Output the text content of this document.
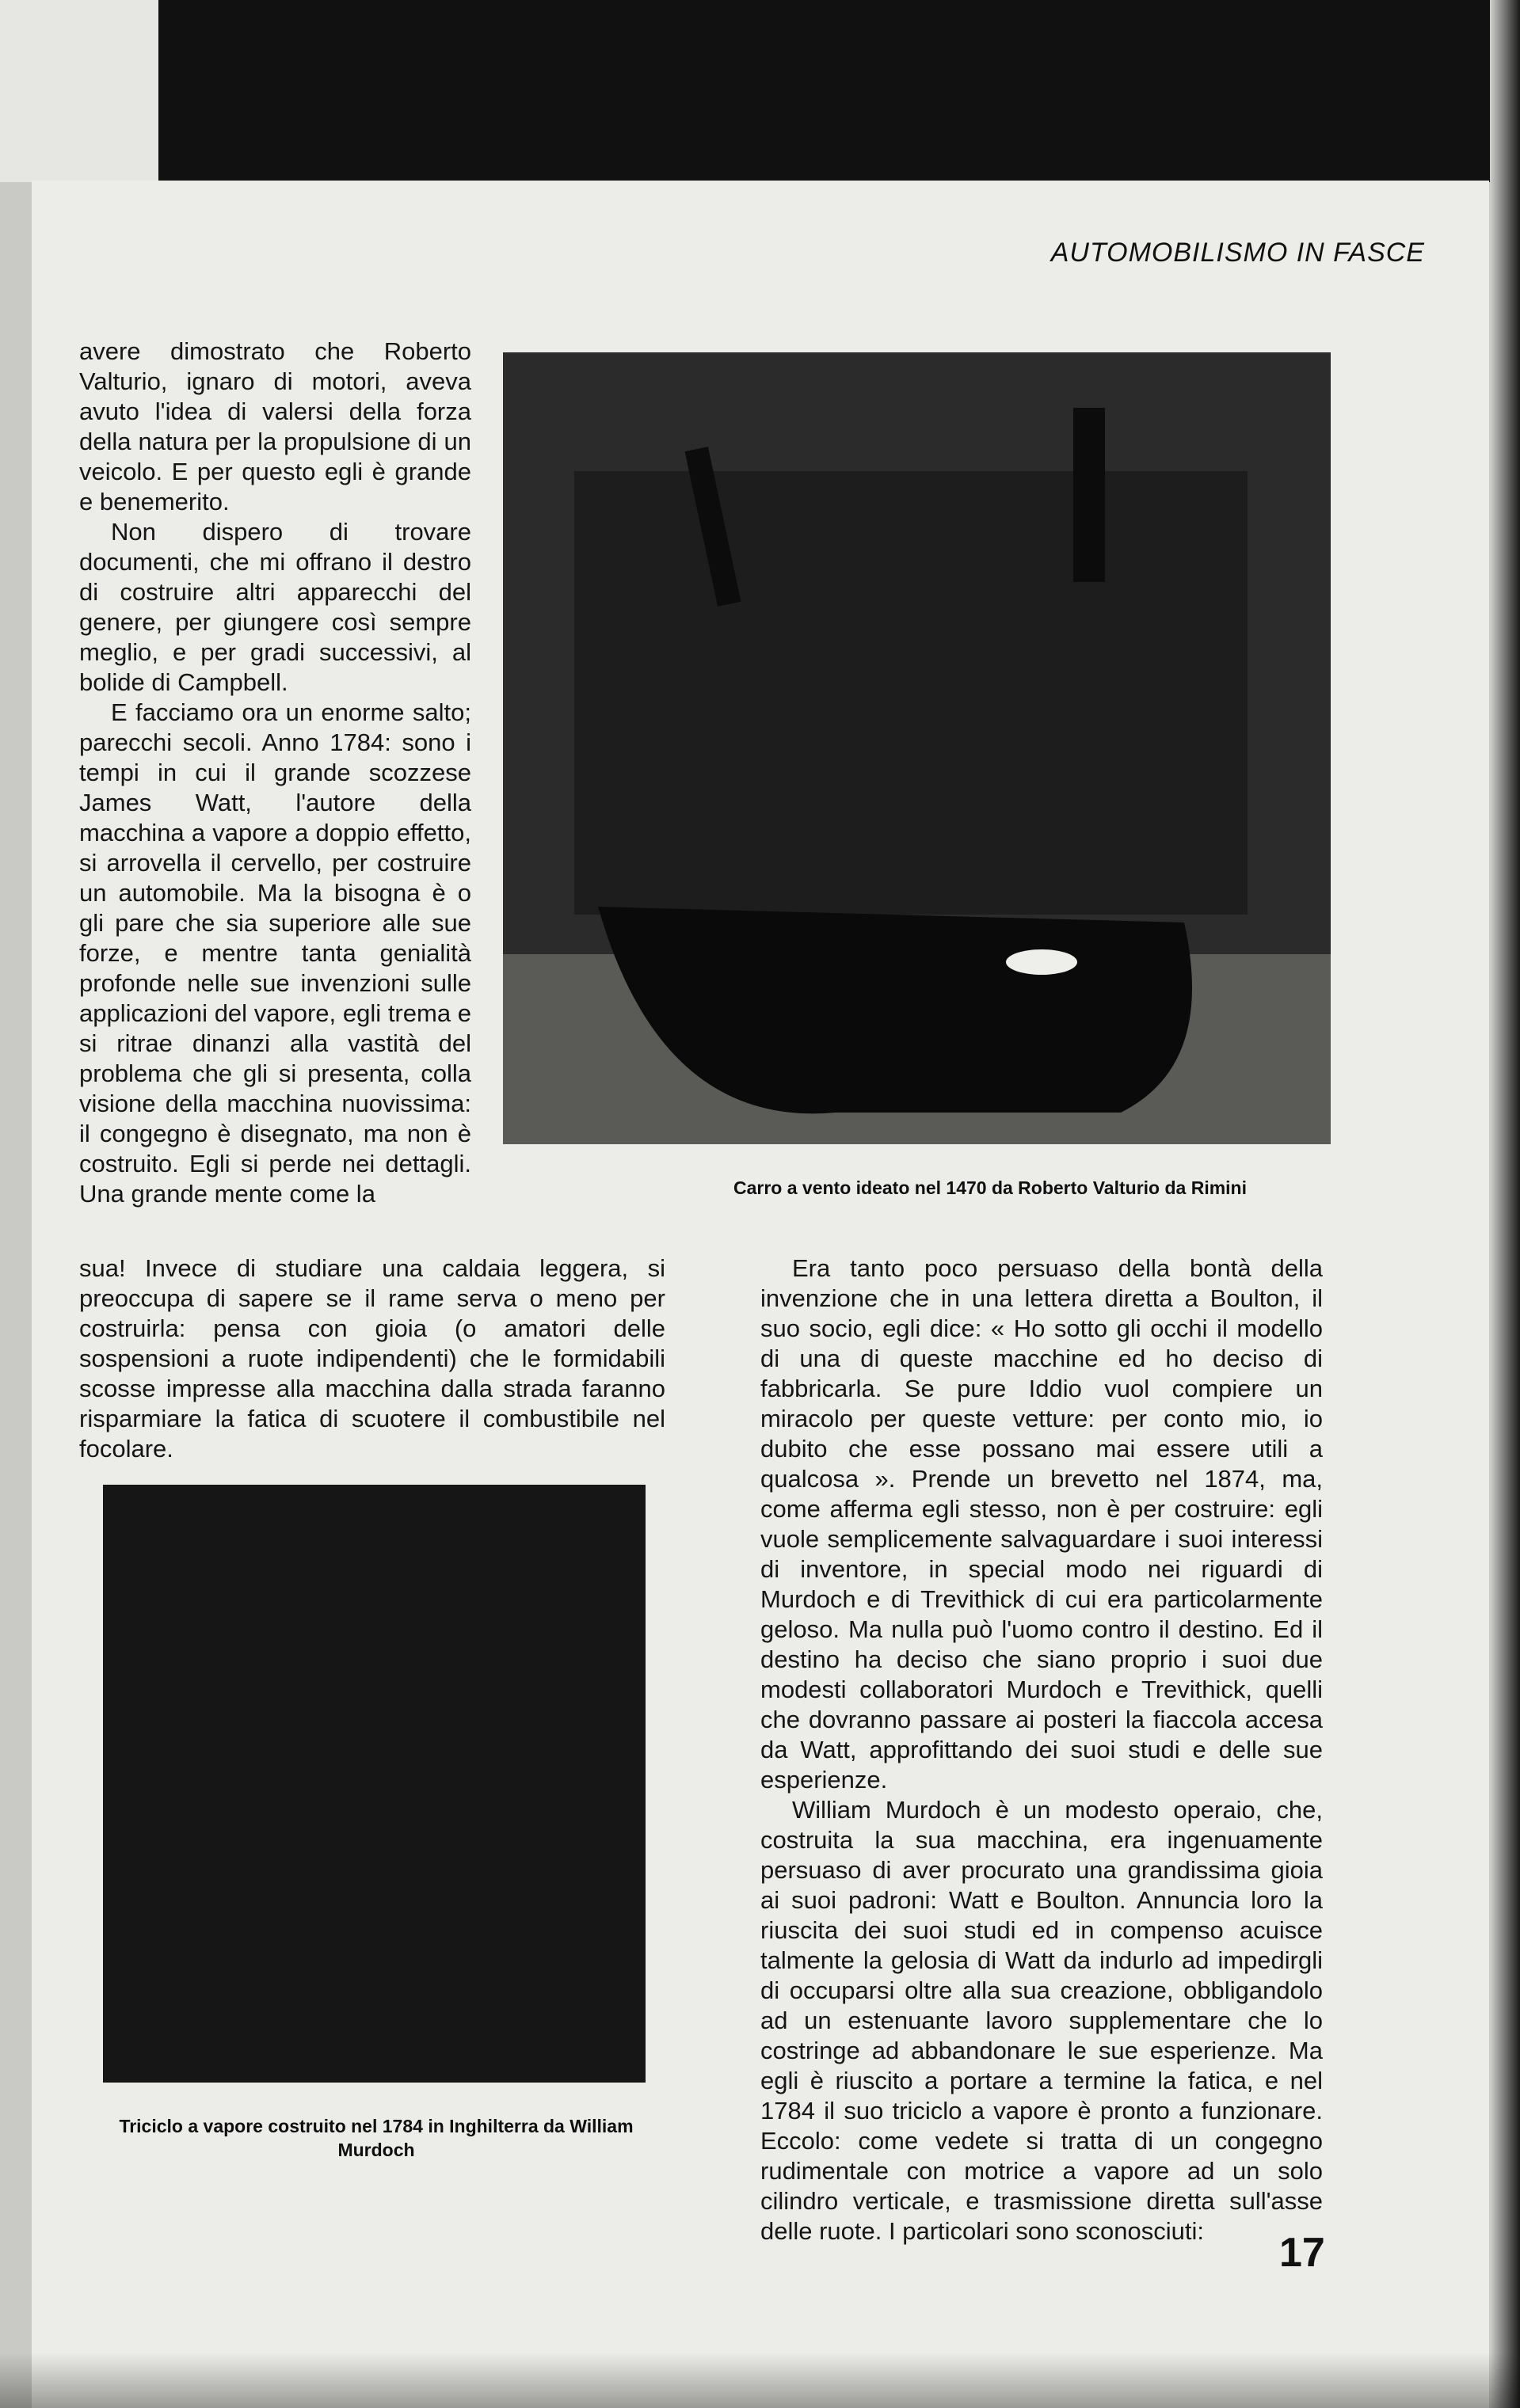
AUTOMOBILISMO IN FASCE

avere dimostrato che Roberto Valturio, ignaro di motori, aveva avuto l'idea di valersi della forza della natura per la propulsione di un veicolo. E per questo egli è grande e benemerito.

Non dispero di trovare documenti, che mi offrano il destro di costruire altri apparecchi del genere, per giungere così sempre meglio, e per gradi successivi, al bolide di Campbell.

E facciamo ora un enorme salto; parecchi secoli. Anno 1784: sono i tempi in cui il grande scozzese James Watt, l'autore della macchina a vapore a doppio effetto, si arrovella il cervello, per costruire un automobile. Ma la bisogna è o gli pare che sia superiore alle sue forze, e mentre tanta genialità profonde nelle sue invenzioni sulle applicazioni del vapore, egli trema e si ritrae dinanzi alla vastità del problema che gli si presenta, colla visione della macchina nuovissima: il congegno è disegnato, ma non è costruito. Egli si perde nei dettagli. Una grande mente come la	Carro a vento ideato nel 1470 da Roberto Valturio da Rimini

sua! Invece di studiare una caldaia leggera, si preoccupa di sapere se il rame serva o meno per costruirla: pensa con gioia (o amatori delle sospensioni a ruote indipendenti) che le formidabili scosse impresse alla macchina dalla strada faranno risparmiare la fatica di scuotere il combustibile nel focolare.

Era tanto poco persuaso della bontà della invenzione che in una lettera diretta a Boulton, il suo socio, egli dice: « Ho sotto gli occhi il modello di una di queste macchine ed ho deciso di fabbricarla. Se pure Iddio vuol compiere un miracolo per queste vetture: per conto mio, io dubito che esse possano mai essere utili a qualcosa ». Prende un brevetto nel 1874, ma, come afferma egli stesso, non è per costruire: egli vuole semplicemente salvaguardare i suoi interessi di inventore, in special modo nei riguardi di Murdoch e di Trevithick di cui era particolarmente geloso. Ma nulla può l'uomo contro il destino. Ed il destino ha deciso che siano proprio i suoi due modesti collaboratori Murdoch e Trevithick, quelli che dovranno passare ai posteri la fiaccola accesa da Watt, approfittando dei suoi studi e delle sue esperienze.

William Murdoch è un modesto operaio, che, costruita la sua macchina, era ingenuamente persuaso di aver procurato una grandissima gioia ai suoi padroni: Watt e Boulton. Annuncia loro la riuscita dei suoi studi ed in compenso acuisce talmente la gelosia di Watt da indurlo ad impedirgli di occuparsi oltre alla sua creazione, obbligandolo ad un estenuante lavoro supplementare che lo costringe ad abbandonare le sue esperienze. Ma egli è riuscito a portare a termine la fatica, e nel 1784 il suo triciclo a vapore è pronto a funzionare. Eccolo: come vedete si tratta di un congegno rudimentale con motrice a vapore ad un solo cilindro verticale, e trasmissione diretta sull'asse delle ruote. I particolari sono sconosciuti:

Triciclo a vapore costruito nel 1784 in Inghilterra da William Murdoch
17
